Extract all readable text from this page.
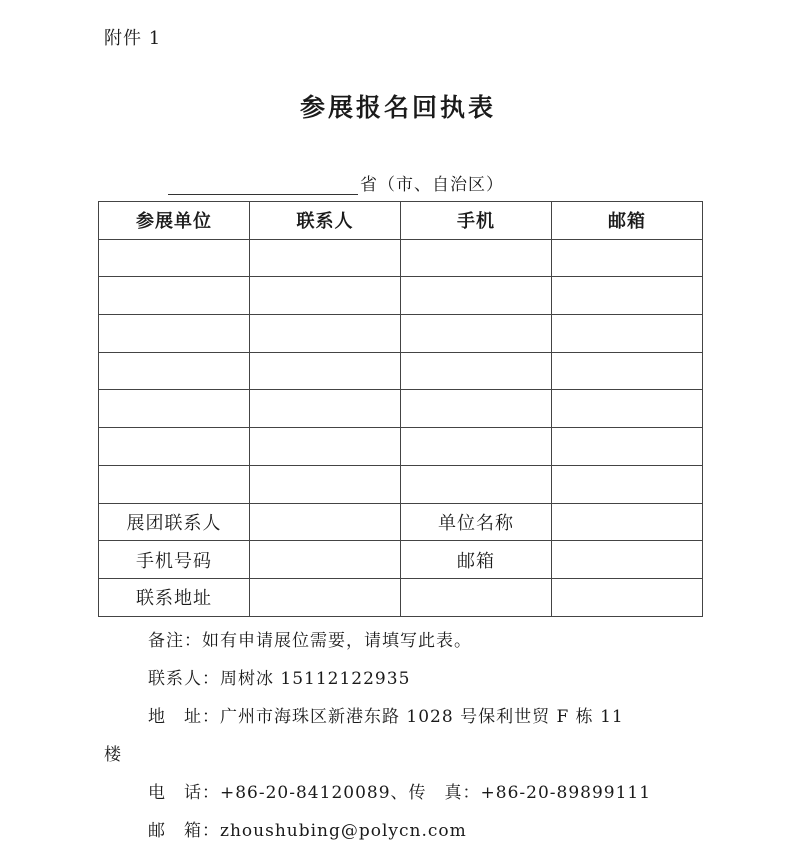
附件 1
参展报名回执表
省（市、自治区）
参展单位	联系人	手机	邮箱

展团联系人		单位名称	
手机号码		邮箱	
联系地址			
备注：如有申请展位需要，请填写此表。
联系人：周树冰 15112122935
地　址：广州市海珠区新港东路 1028 号保利世贸 F 栋 11
楼
电　话：+86-20-84120089、传　真：+86-20-89899111
邮　箱：zhoushubing@polycn.com
